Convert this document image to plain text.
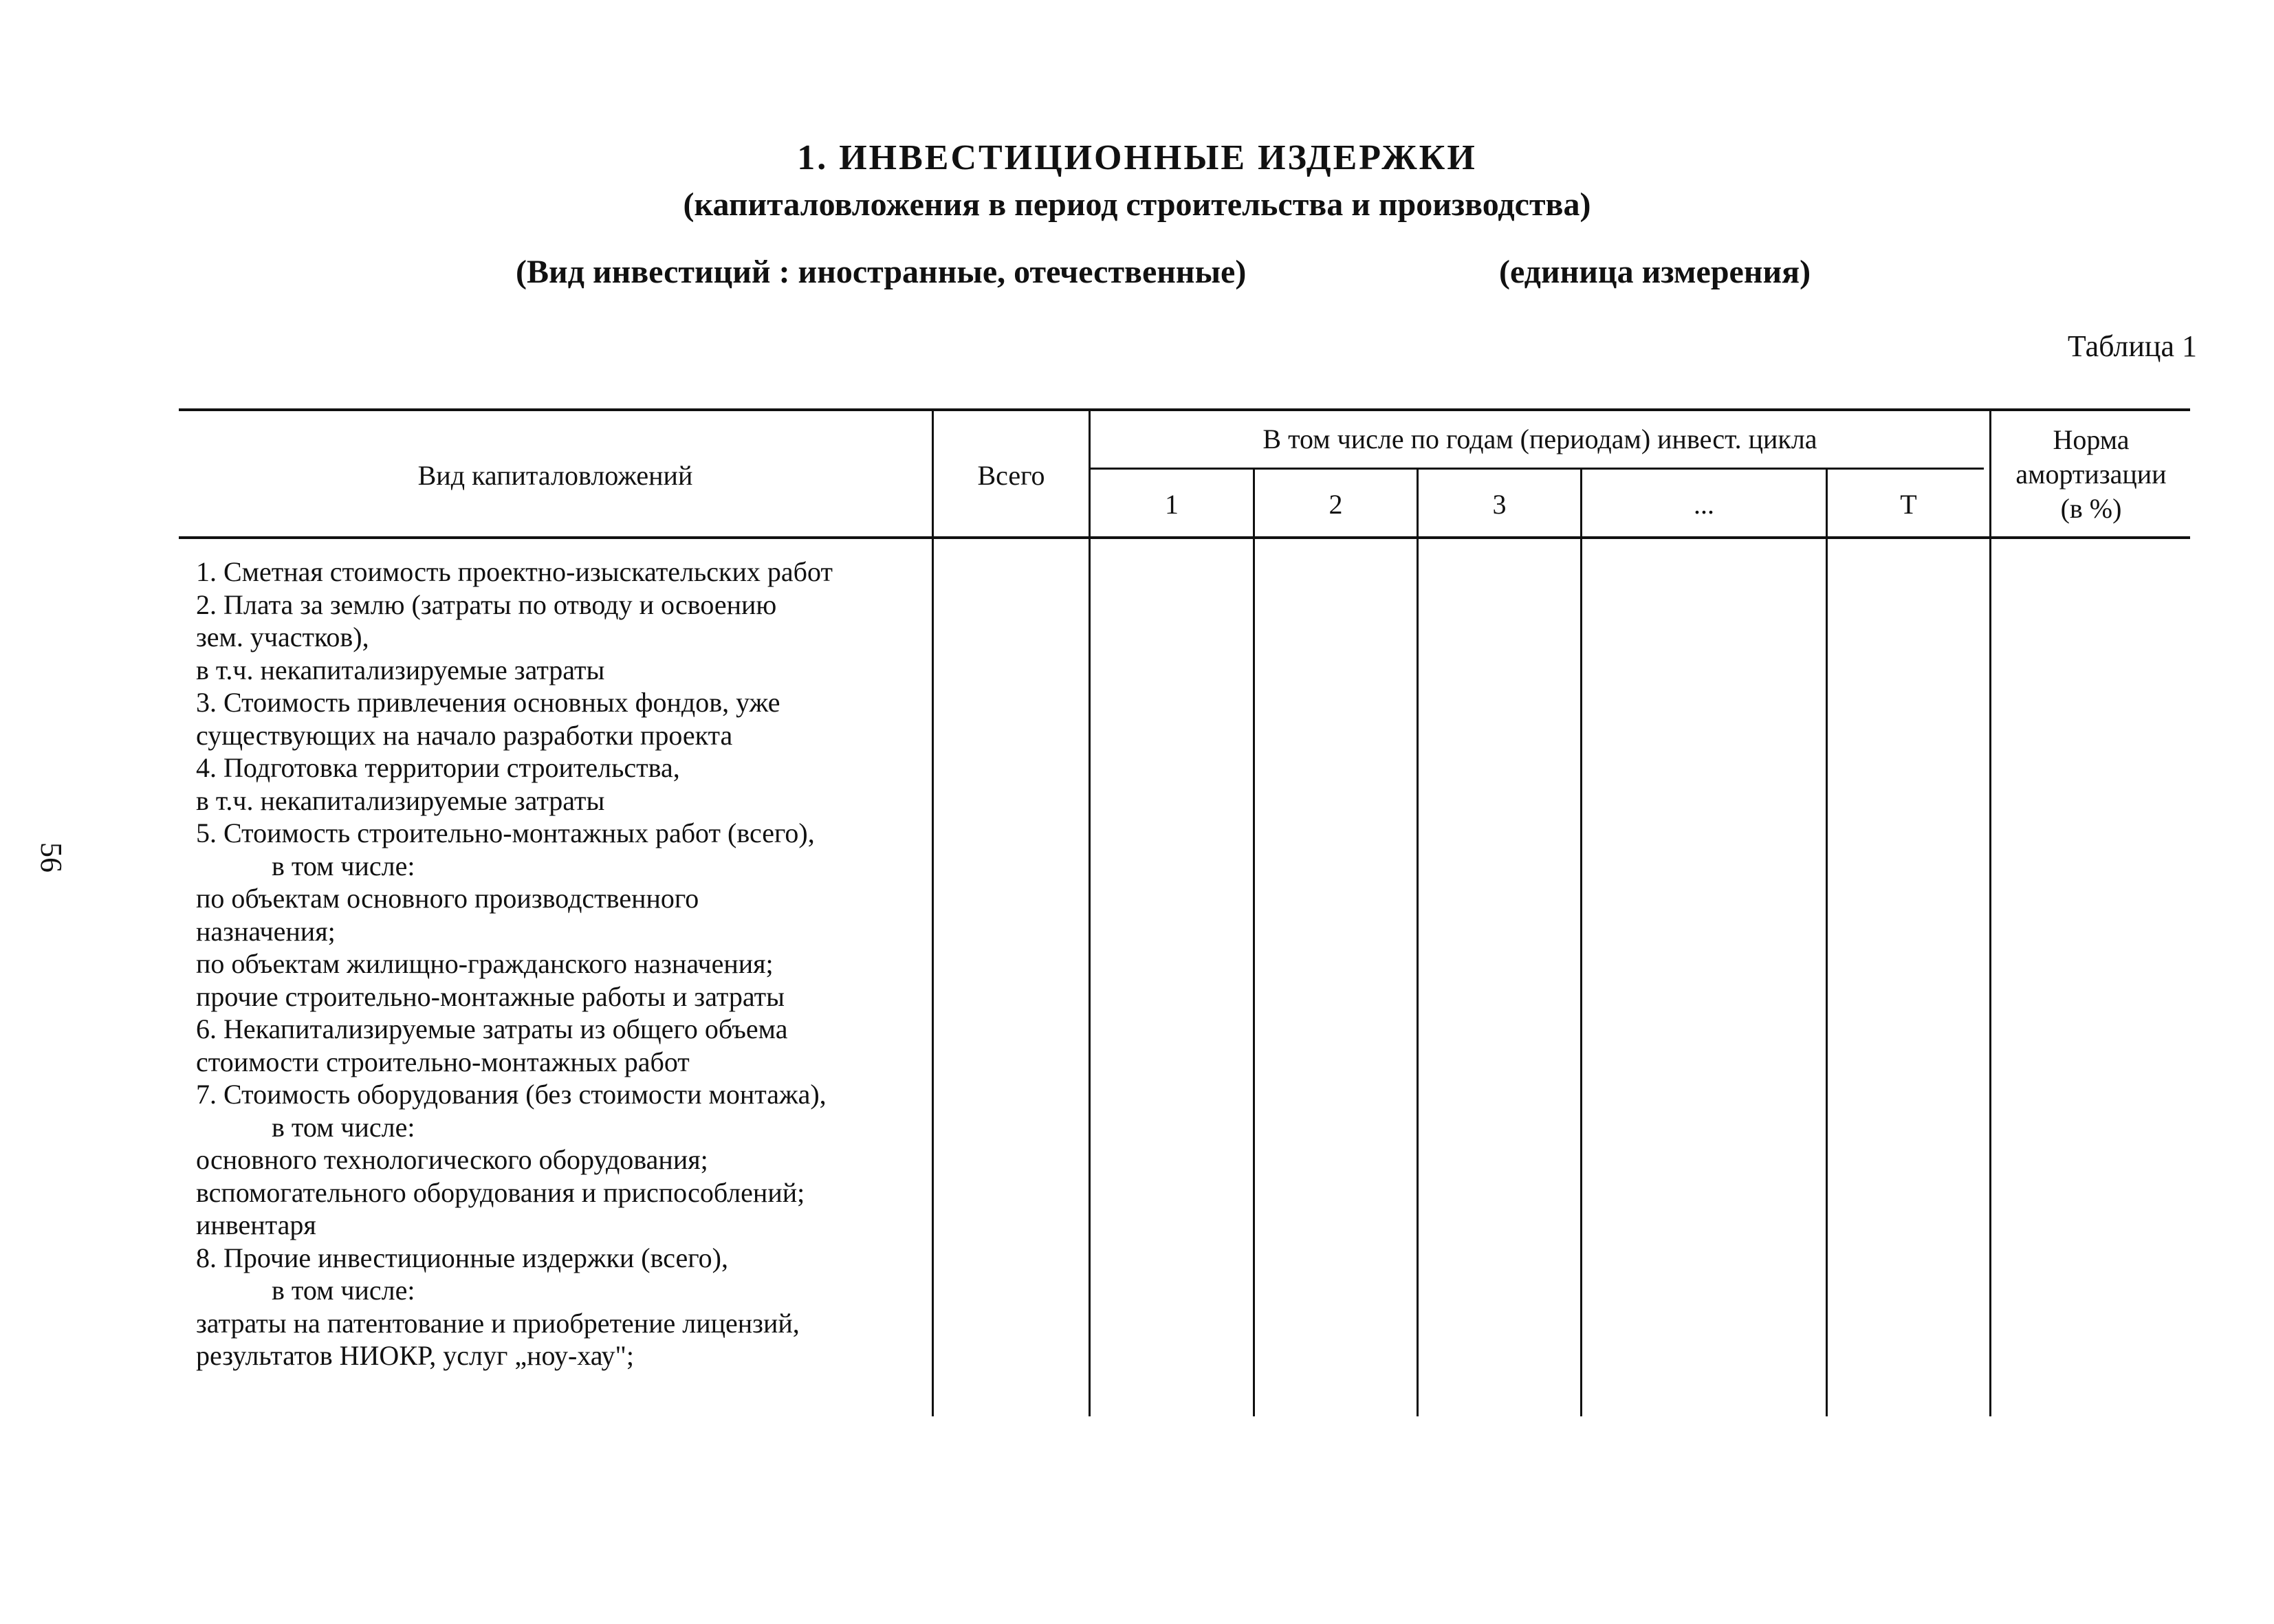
1. ИНВЕСТИЦИОННЫЕ ИЗДЕРЖКИ
(капиталовложения в период строительства и производства)
(Вид инвестиций : иностранные, отечественные)	(единица измерения)
Таблица 1
56
Вид капиталовложений	Всего
В том числе по годам (периодам) инвест. цикла
1	2	3	...	T
Норма
амортизации
(в %)
1. Сметная стоимость проектно-изыскательских работ
2. Плата за землю (затраты по отводу и освоению
зем. участков),
в т.ч. некапитализируемые затраты
3. Стоимость привлечения основных фондов, уже
существующих на начало разработки проекта
4. Подготовка территории строительства,
в т.ч. некапитализируемые затраты
5. Стоимость строительно-монтажных работ (всего),
в том числе:
по объектам основного производственного
назначения;
по объектам жилищно-гражданского назначения;
прочие строительно-монтажные работы и затраты
6. Некапитализируемые затраты из общего объема
стоимости строительно-монтажных работ
7. Стоимость оборудования (без стоимости монтажа),
в том числе:
основного технологического оборудования;
вспомогательного оборудования и приспособлений;
инвентаря
8. Прочие инвестиционные издержки (всего),
в том числе:
затраты на патентование и приобретение лицензий,
результатов НИОКР, услуг „ноу-хау";
